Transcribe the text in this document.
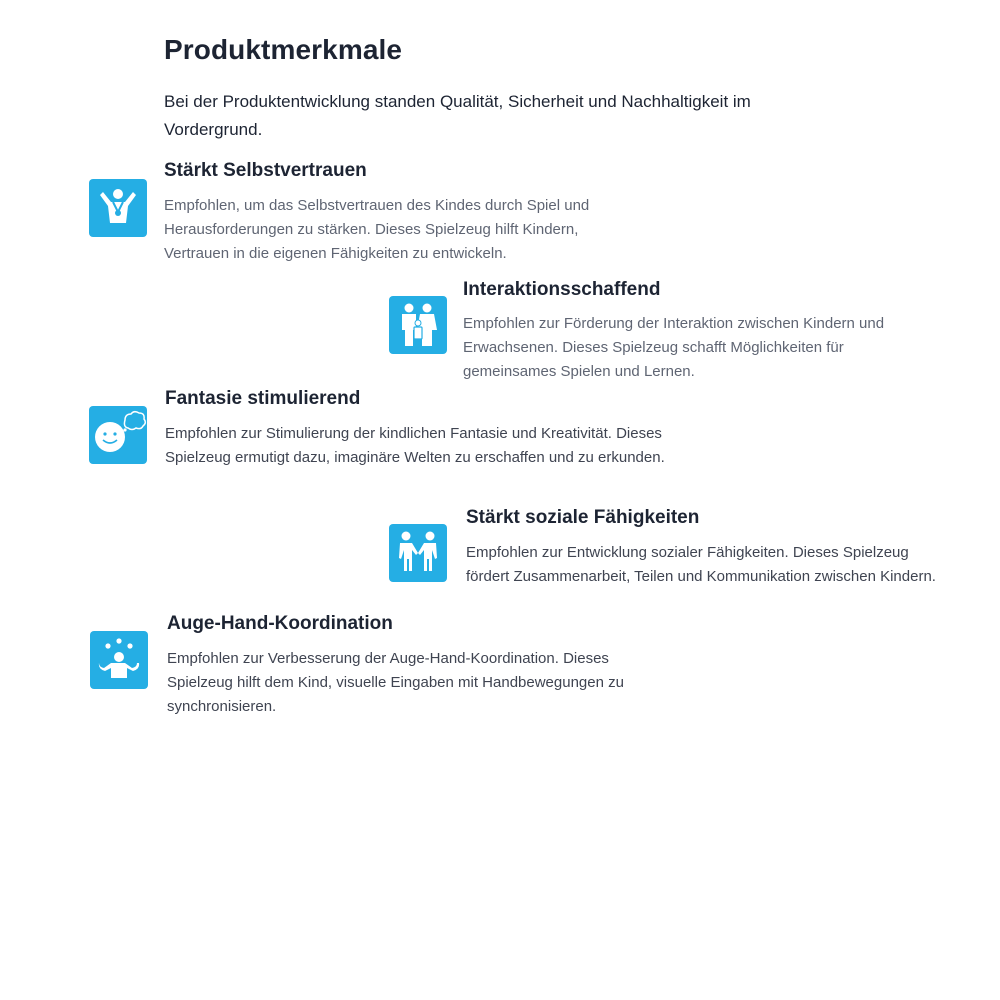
Produktmerkmale

Bei der Produktentwicklung standen Qualität, Sicherheit und Nachhaltigkeit im Vordergrund.

Stärkt Selbstvertrauen
Empfohlen, um das Selbstvertrauen des Kindes durch Spiel und Herausforderungen zu stärken. Dieses Spielzeug hilft Kindern, Vertrauen in die eigenen Fähigkeiten zu entwickeln.
Interaktionsschaffend
Empfohlen zur Förderung der Interaktion zwischen Kindern und Erwachsenen. Dieses Spielzeug schafft Möglichkeiten für gemeinsames Spielen und Lernen.
Fantasie stimulierend
Empfohlen zur Stimulierung der kindlichen Fantasie und Kreativität. Dieses Spielzeug ermutigt dazu, imaginäre Welten zu erschaffen und zu erkunden.
Stärkt soziale Fähigkeiten
Empfohlen zur Entwicklung sozialer Fähigkeiten. Dieses Spielzeug fördert Zusammenarbeit, Teilen und Kommunikation zwischen Kindern.
Auge-Hand-Koordination
Empfohlen zur Verbesserung der Auge-Hand-Koordination. Dieses Spielzeug hilft dem Kind, visuelle Eingaben mit Handbewegungen zu synchronisieren.
